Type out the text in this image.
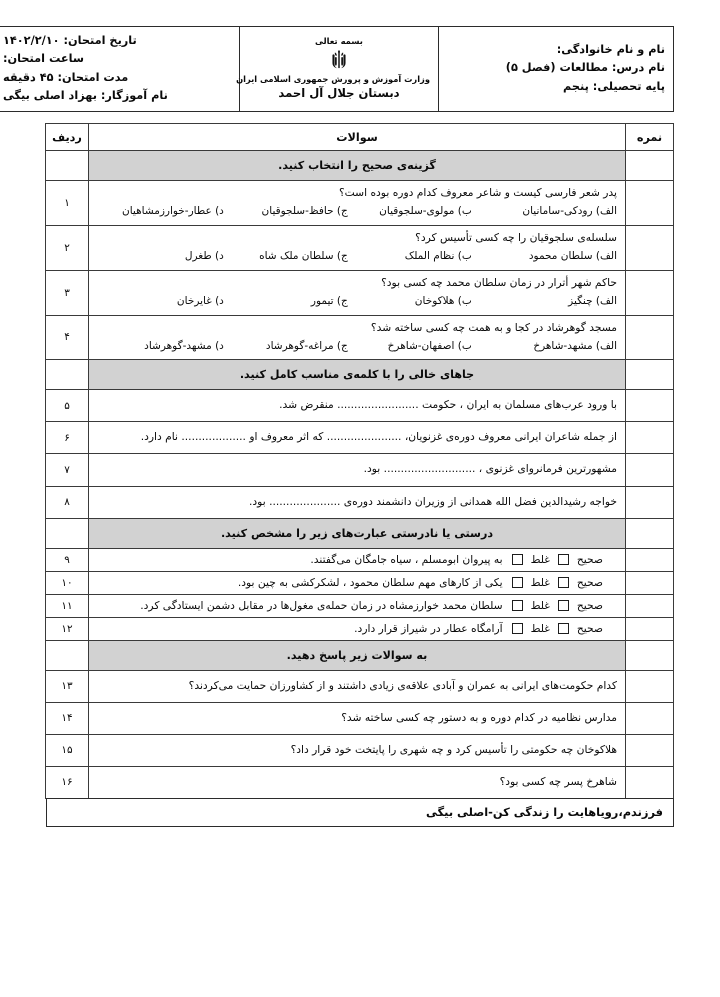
نام و نام خانوادگی:
نام درس: مطالعات (فصل ۵)
پایه تحصیلی: پنجم

بسمه تعالی
وزارت آموزش و پرورش جمهوری اسلامی ایران
دبستان جلال آل احمد

تاریخ امتحان: ۱۴۰۲/۲/۱۰
ساعت امتحان:
مدت امتحان: ۴۵ دقیقه
نام آموزگار: بهزاد اصلی بیگی
نمره	سوالات	ردیف

	گزینه‌ی صحیح را انتخاب کنید.	

	پدر شعر فارسی کیست و شاعر معروف کدام دوره بوده است؟
الف) رودکی-سامانیان
ب) مولوی-سلجوقیان
ج) حافظ-سلجوقیان
د) عطار-خوارزمشاهیان	۱

	سلسله‌ی سلجوقیان را چه کسی تأسیس کرد؟
الف) سلطان محمود
ب) نظام الملک
ج) سلطان ملک شاه
د) طغرل	۲

	حاکم شهر أترار در زمان سلطان محمد چه کسی بود؟
الف) چنگیز
ب) هلاکوخان
ج) تیمور
د) غایرخان	۳

	مسجد گوهرشاد در کجا و به همت چه کسی ساخته شد؟
الف) مشهد-شاهرخ
ب) اصفهان-شاهرخ
ج) مراغه-گوهرشاد
د) مشهد-گوهرشاد	۴

	جاهای خالی را با کلمه‌ی مناسب کامل کنید.	

	با ورود عرب‌های مسلمان به ایران ، حکومت ........................ منقرض شد.	۵

	از جمله شاعران ایرانی معروف دوره‌ی غزنویان، ...................... که اثر معروف او ................... نام دارد.	۶

	مشهورترین فرمانروای غزنوی ، ........................... بود.	۷

	خواجه رشیدالدین فضل الله همدانی از وزیران دانشمند دوره‌ی ..................... بود.	۸

	درستی یا نادرستی عبارت‌های زیر را مشخص کنید.	

	صحیح
غلط
به پیروان ابومسلم ، سیاه جامگان می‌گفتند.	۹

	صحیح
غلط
یکی از کارهای مهم سلطان محمود ، لشکرکشی به چین بود.	۱۰

	صحیح
غلط
سلطان محمد خوارزمشاه در زمان حمله‌ی مغول‌ها در مقابل دشمن ایستادگی کرد.	۱۱

	صحیح
غلط
آرامگاه عطار در شیراز قرار دارد.	۱۲

	به سوالات زیر پاسخ دهید.	

	کدام حکومت‌های ایرانی به عمران و آبادی علاقه‌ی زیادی داشتند و از کشاورزان حمایت می‌کردند؟	۱۳

	مدارس نظامیه در کدام دوره و به دستور چه کسی ساخته شد؟	۱۴

	هلاکوخان چه حکومتی را تأسیس کرد و چه شهری را پایتخت خود قرار داد؟	۱۵

	شاهرخ پسر چه کسی بود؟	۱۶
فرزندم،رویاهایت را زندگی کن-اصلی بیگی
